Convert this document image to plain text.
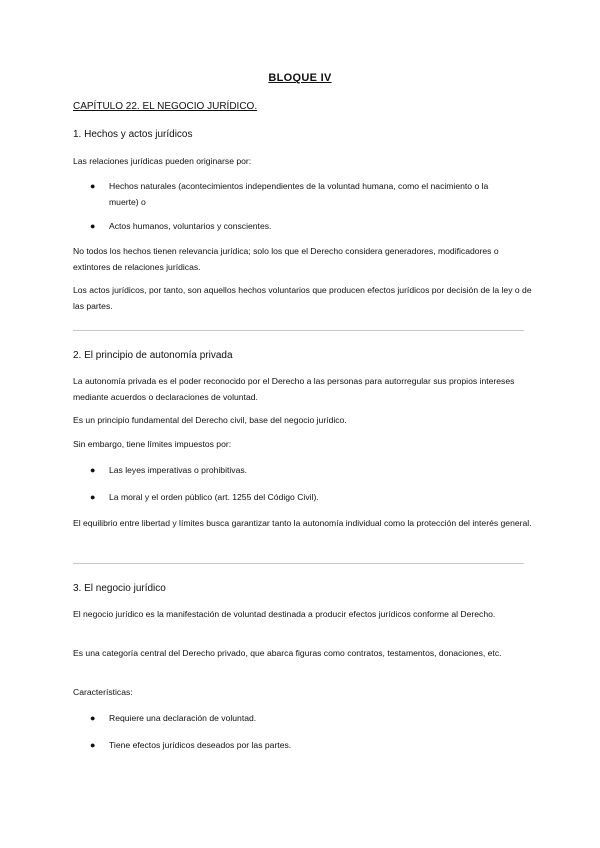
BLOQUE IV
CAPÍTULO 22. EL NEGOCIO JURÍDICO.
1. Hechos y actos jurídicos
Las relaciones jurídicas pueden originarse por:
● Hechos naturales (acontecimientos independientes de la voluntad humana, como el nacimiento o la muerte) o
● Actos humanos, voluntarios y conscientes.
No todos los hechos tienen relevancia jurídica; solo los que el Derecho considera generadores, modificadores o extintores de relaciones jurídicas.
Los actos jurídicos, por tanto, son aquellos hechos voluntarios que producen efectos jurídicos por decisión de la ley o de las partes.
2. El principio de autonomía privada
La autonomía privada es el poder reconocido por el Derecho a las personas para autorregular sus propios intereses mediante acuerdos o declaraciones de voluntad.
Es un principio fundamental del Derecho civil, base del negocio jurídico.
Sin embargo, tiene límites impuestos por:
● Las leyes imperativas o prohibitivas.
● La moral y el orden público (art. 1255 del Código Civil).
El equilibrio entre libertad y límites busca garantizar tanto la autonomía individual como la protección del interés general.
3. El negocio jurídico
El negocio jurídico es la manifestación de voluntad destinada a producir efectos jurídicos conforme al Derecho.
Es una categoría central del Derecho privado, que abarca figuras como contratos, testamentos, donaciones, etc.
Características:
● Requiere una declaración de voluntad.
● Tiene efectos jurídicos deseados por las partes.
